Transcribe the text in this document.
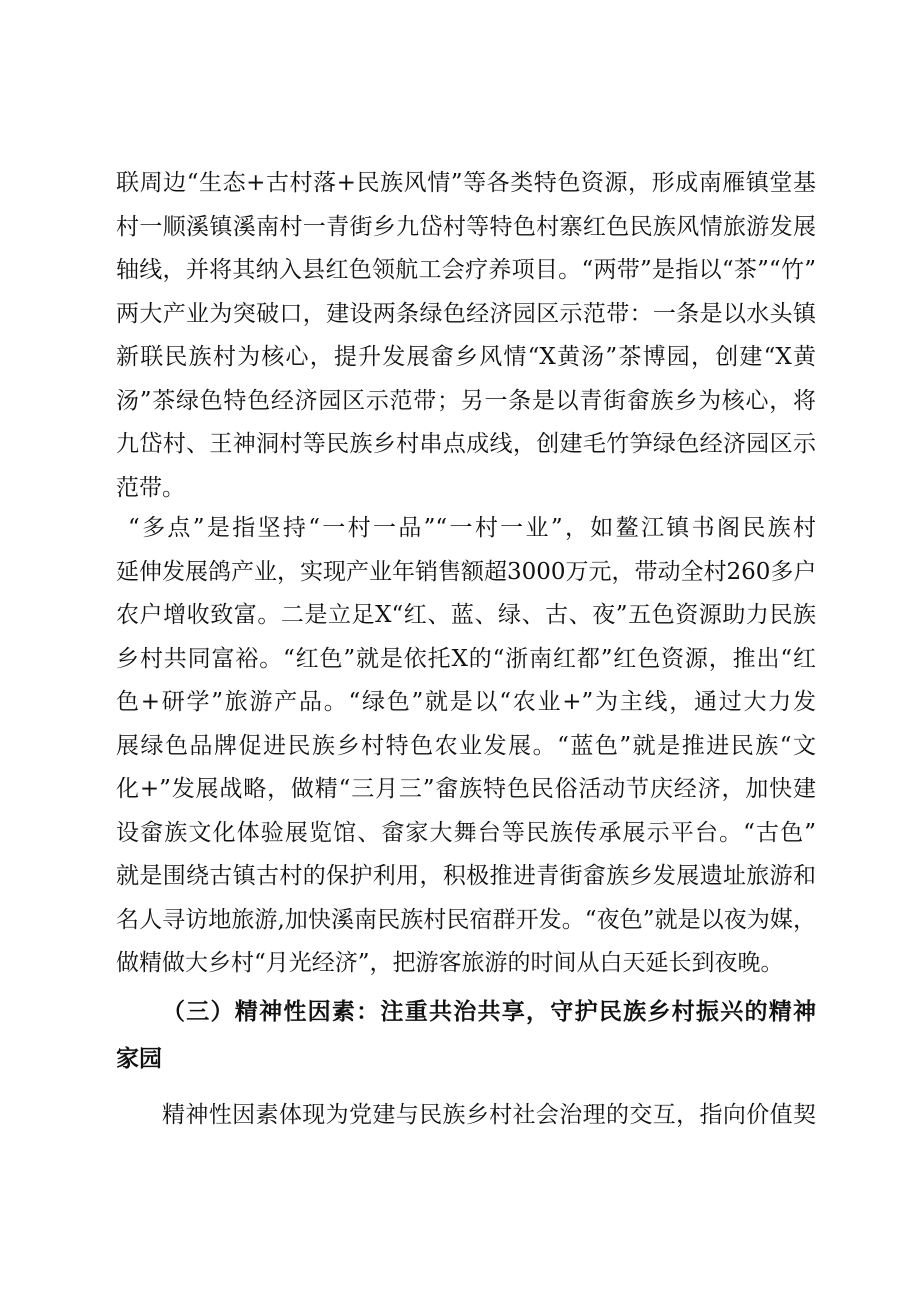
联周边“生态+古村落+民族风情”等各类特色资源，形成南雁镇堂基
村一顺溪镇溪南村一青街乡九岱村等特色村寨红色民族风情旅游发展
轴线，并将其纳入县红色领航工会疗养项目。“两带”是指以“茶”“竹”
两大产业为突破口，建设两条绿色经济园区示范带：一条是以水头镇
新联民族村为核心，提升发展畲乡风情“X黄汤”茶博园，创建“X黄
汤”茶绿色特色经济园区示范带；另一条是以青街畲族乡为核心，将
九岱村、王神洞村等民族乡村串点成线，创建毛竹笋绿色经济园区示
范带。
“多点”是指坚持“一村一品”“一村一业”，如鳌江镇书阁民族村
延伸发展鸽产业，实现产业年销售额超3000万元，带动全村260多户
农户增收致富。二是立足X“红、蓝、绿、古、夜”五色资源助力民族
乡村共同富裕。“红色”就是依托X的“浙南红都”红色资源，推出“红
色+研学”旅游产品。“绿色”就是以“农业+”为主线，通过大力发
展绿色品牌促进民族乡村特色农业发展。“蓝色”就是推进民族“文
化+”发展战略，做精“三月三”畲族特色民俗活动节庆经济，加快建
设畲族文化体验展览馆、畲家大舞台等民族传承展示平台。“古色”
就是围绕古镇古村的保护利用，积极推进青街畲族乡发展遗址旅游和
名人寻访地旅游,加快溪南民族村民宿群开发。“夜色”就是以夜为媒，
做精做大乡村“月光经济”，把游客旅游的时间从白天延长到夜晚。
（三）精神性因素：注重共治共享，守护民族乡村振兴的精神
家园
精神性因素体现为党建与民族乡村社会治理的交互，指向价值契
